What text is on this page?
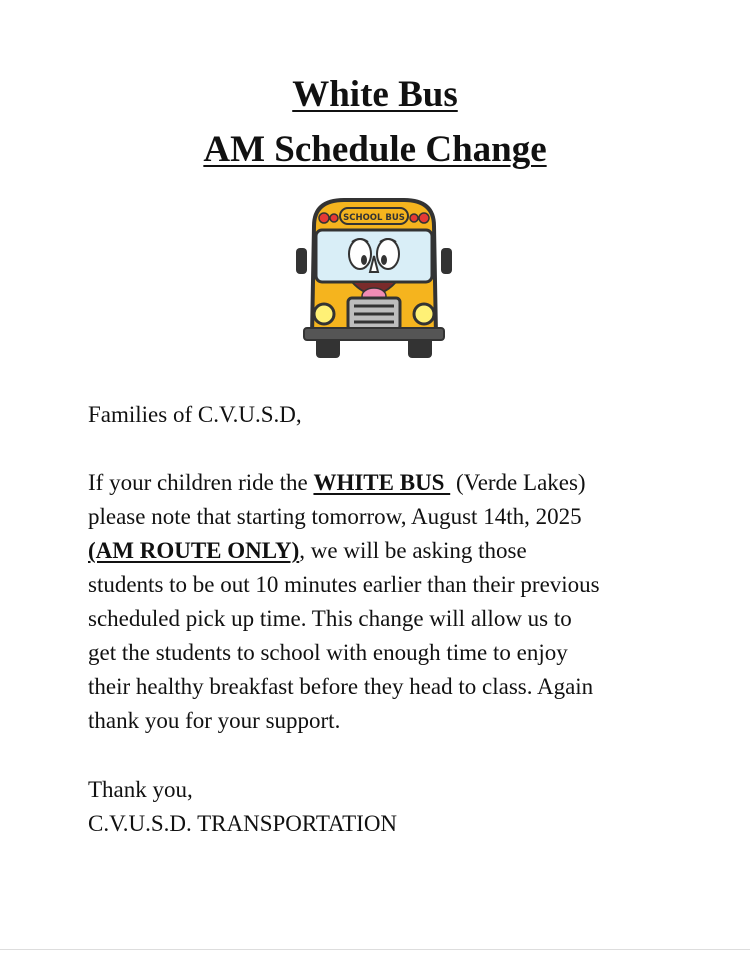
White Bus
AM Schedule Change
SCHOOL BUS
Families of C.V.U.S.D,
If your children ride the WHITE BUS  (Verde Lakes)
please note that starting tomorrow, August 14th, 2025
(AM ROUTE ONLY), we will be asking those
students to be out 10 minutes earlier than their previous
scheduled pick up time. This change will allow us to
get the students to school with enough time to enjoy
their healthy breakfast before they head to class. Again
thank you for your support.
Thank you,
C.V.U.S.D. TRANSPORTATION
